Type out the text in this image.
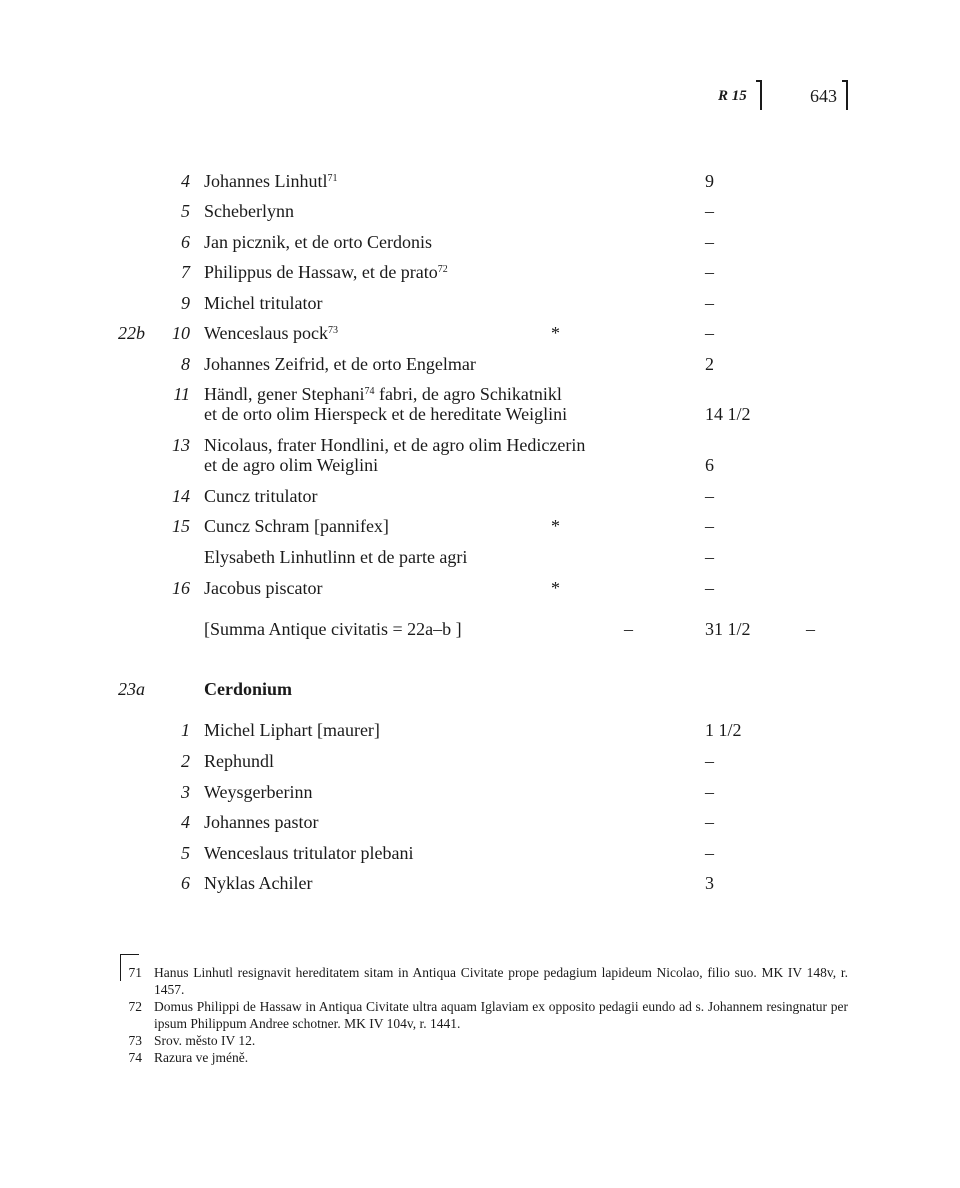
R 15	643
4 Johannes Linhutl$^{71}$	9
5 Scheberlynn	–
6 Jan picznik, et de orto Cerdonis	–
7 Philippus de Hassaw, et de prato$^{72}$	–
9 Michel tritulator	–
22b	10 Wenceslaus pock$^{73}$	*	–
8 Johannes Zeifrid, et de orto Engelmar	2
11 Händl, gener Stephani$^{74}$ fabri, de agro Schikatnikl
et de orto olim Hierspeck et de hereditate Weiglini	14 1/2
13 Nicolaus, frater Hondlini, et de agro olim Hediczerin
et de agro olim Weiglini	6
14 Cuncz tritulator	–
15 Cuncz Schram [pannifex]	*	–
Elysabeth Linhutlinn et de parte agri	–
16 Jacobus piscator	*	–
[Summa Antique civitatis = 22a–b ]	–	31 1/2	–
23a	Cerdonium
1 Michel Liphart [maurer]	1 1/2
2 Rephundl	–
3 Weysgerberinn	–
4 Johannes pastor	–
5 Wenceslaus tritulator plebani	–
6 Nyklas Achiler	3
71 Hanus Linhutl resignavit hereditatem sitam in Antiqua Civitate prope pedagium lapideum Nicolao, filio suo. MK IV 148v, r. 1457.
72 Domus Philippi de Hassaw in Antiqua Civitate ultra aquam Iglaviam ex opposito pedagii eundo ad s. Johannem resingnatur per ipsum Philippum Andree schotner. MK IV 104v, r. 1441.
73 Srov. město IV 12.
74 Razura ve jméně.
